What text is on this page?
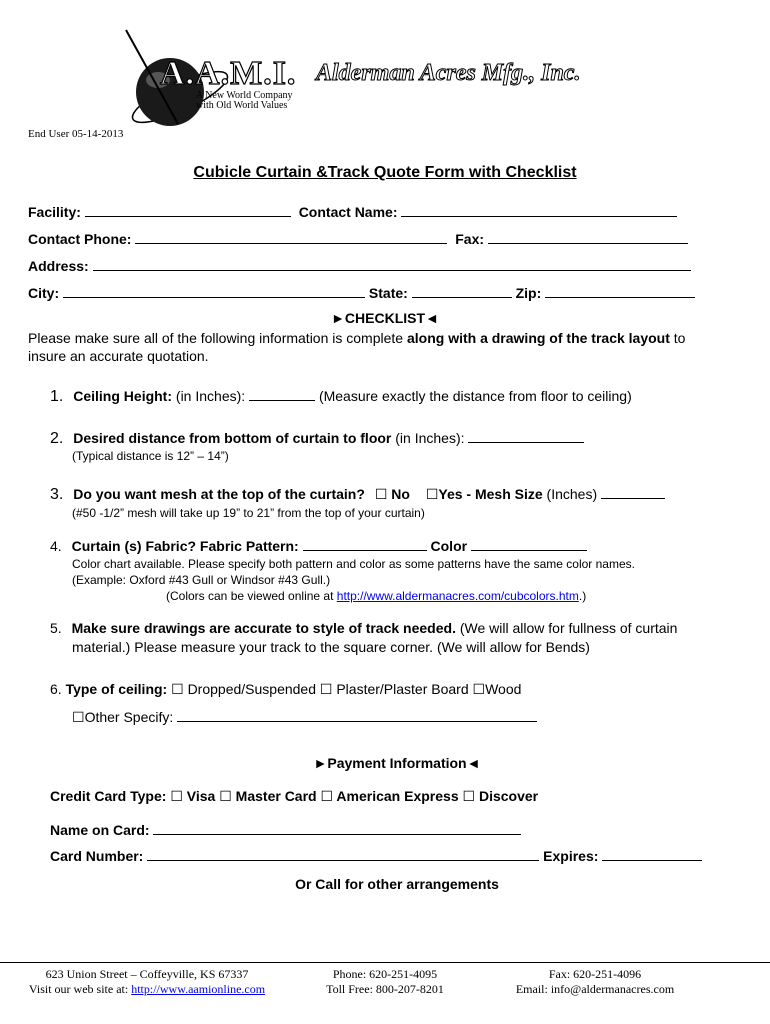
A.A.M.I.
A New World Company
with Old World Values
Alderman Acres Mfg., Inc.
End User 05-14-2013
Cubicle Curtain &Track Quote Form with Checklist
Facility:	Contact Name:
Contact Phone:	Fax:
Address:
City:	State:	Zip:
►CHECKLIST◄
Please make sure all of the following information is complete along with a drawing of the track layout to
insure an accurate quotation.
1. Ceiling Height: (in Inches):	(Measure exactly the distance from floor to ceiling)
2. Desired distance from bottom of curtain to floor (in Inches):
(Typical distance is 12” – 14”)
3. Do you want mesh at the top of the curtain? ☐ No ☐Yes - Mesh Size (Inches)
(#50 -1/2” mesh will take up 19” to 21” from the top of your curtain)
4. Curtain (s) Fabric? Fabric Pattern:	Color
Color chart available. Please specify both pattern and color as some patterns have the same color names.
(Example: Oxford #43 Gull or Windsor #43 Gull.)
(Colors can be viewed online at http://www.aldermanacres.com/cubcolors.htm.)
5. Make sure drawings are accurate to style of track needed. (We will allow for fullness of curtain
material.) Please measure your track to the square corner. (We will allow for Bends)
6. Type of ceiling: ☐ Dropped/Suspended ☐ Plaster/Plaster Board ☐Wood
☐Other Specify:
►Payment Information◄
Credit Card Type: ☐ Visa ☐ Master Card ☐ American Express ☐ Discover
Name on Card:
Card Number:	Expires:
Or Call for other arrangements
623 Union Street – Coffeyville, KS 67337
Visit our web site at: http://www.aamionline.com
Phone: 620-251-4095
Toll Free: 800-207-8201
Fax: 620-251-4096
Email: info@aldermanacres.com
